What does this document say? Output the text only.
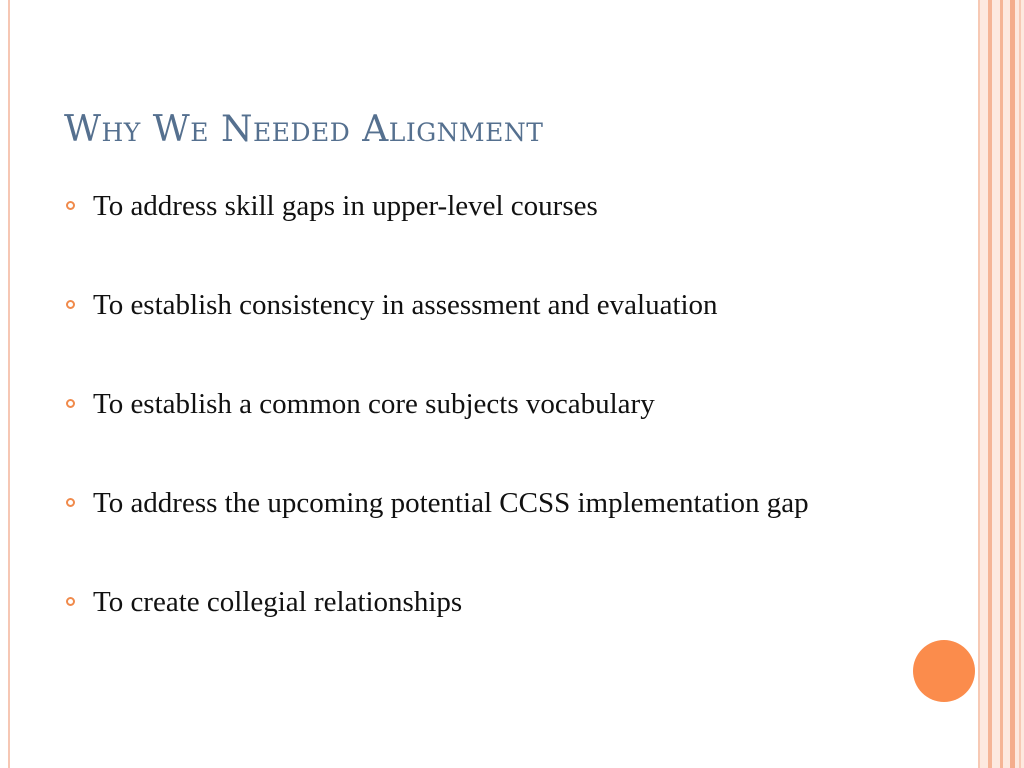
Why We Needed Alignment
To address skill gaps in upper-level courses
To establish consistency in assessment and evaluation
To establish a common core subjects vocabulary
To address the upcoming potential CCSS implementation gap
To create collegial relationships
